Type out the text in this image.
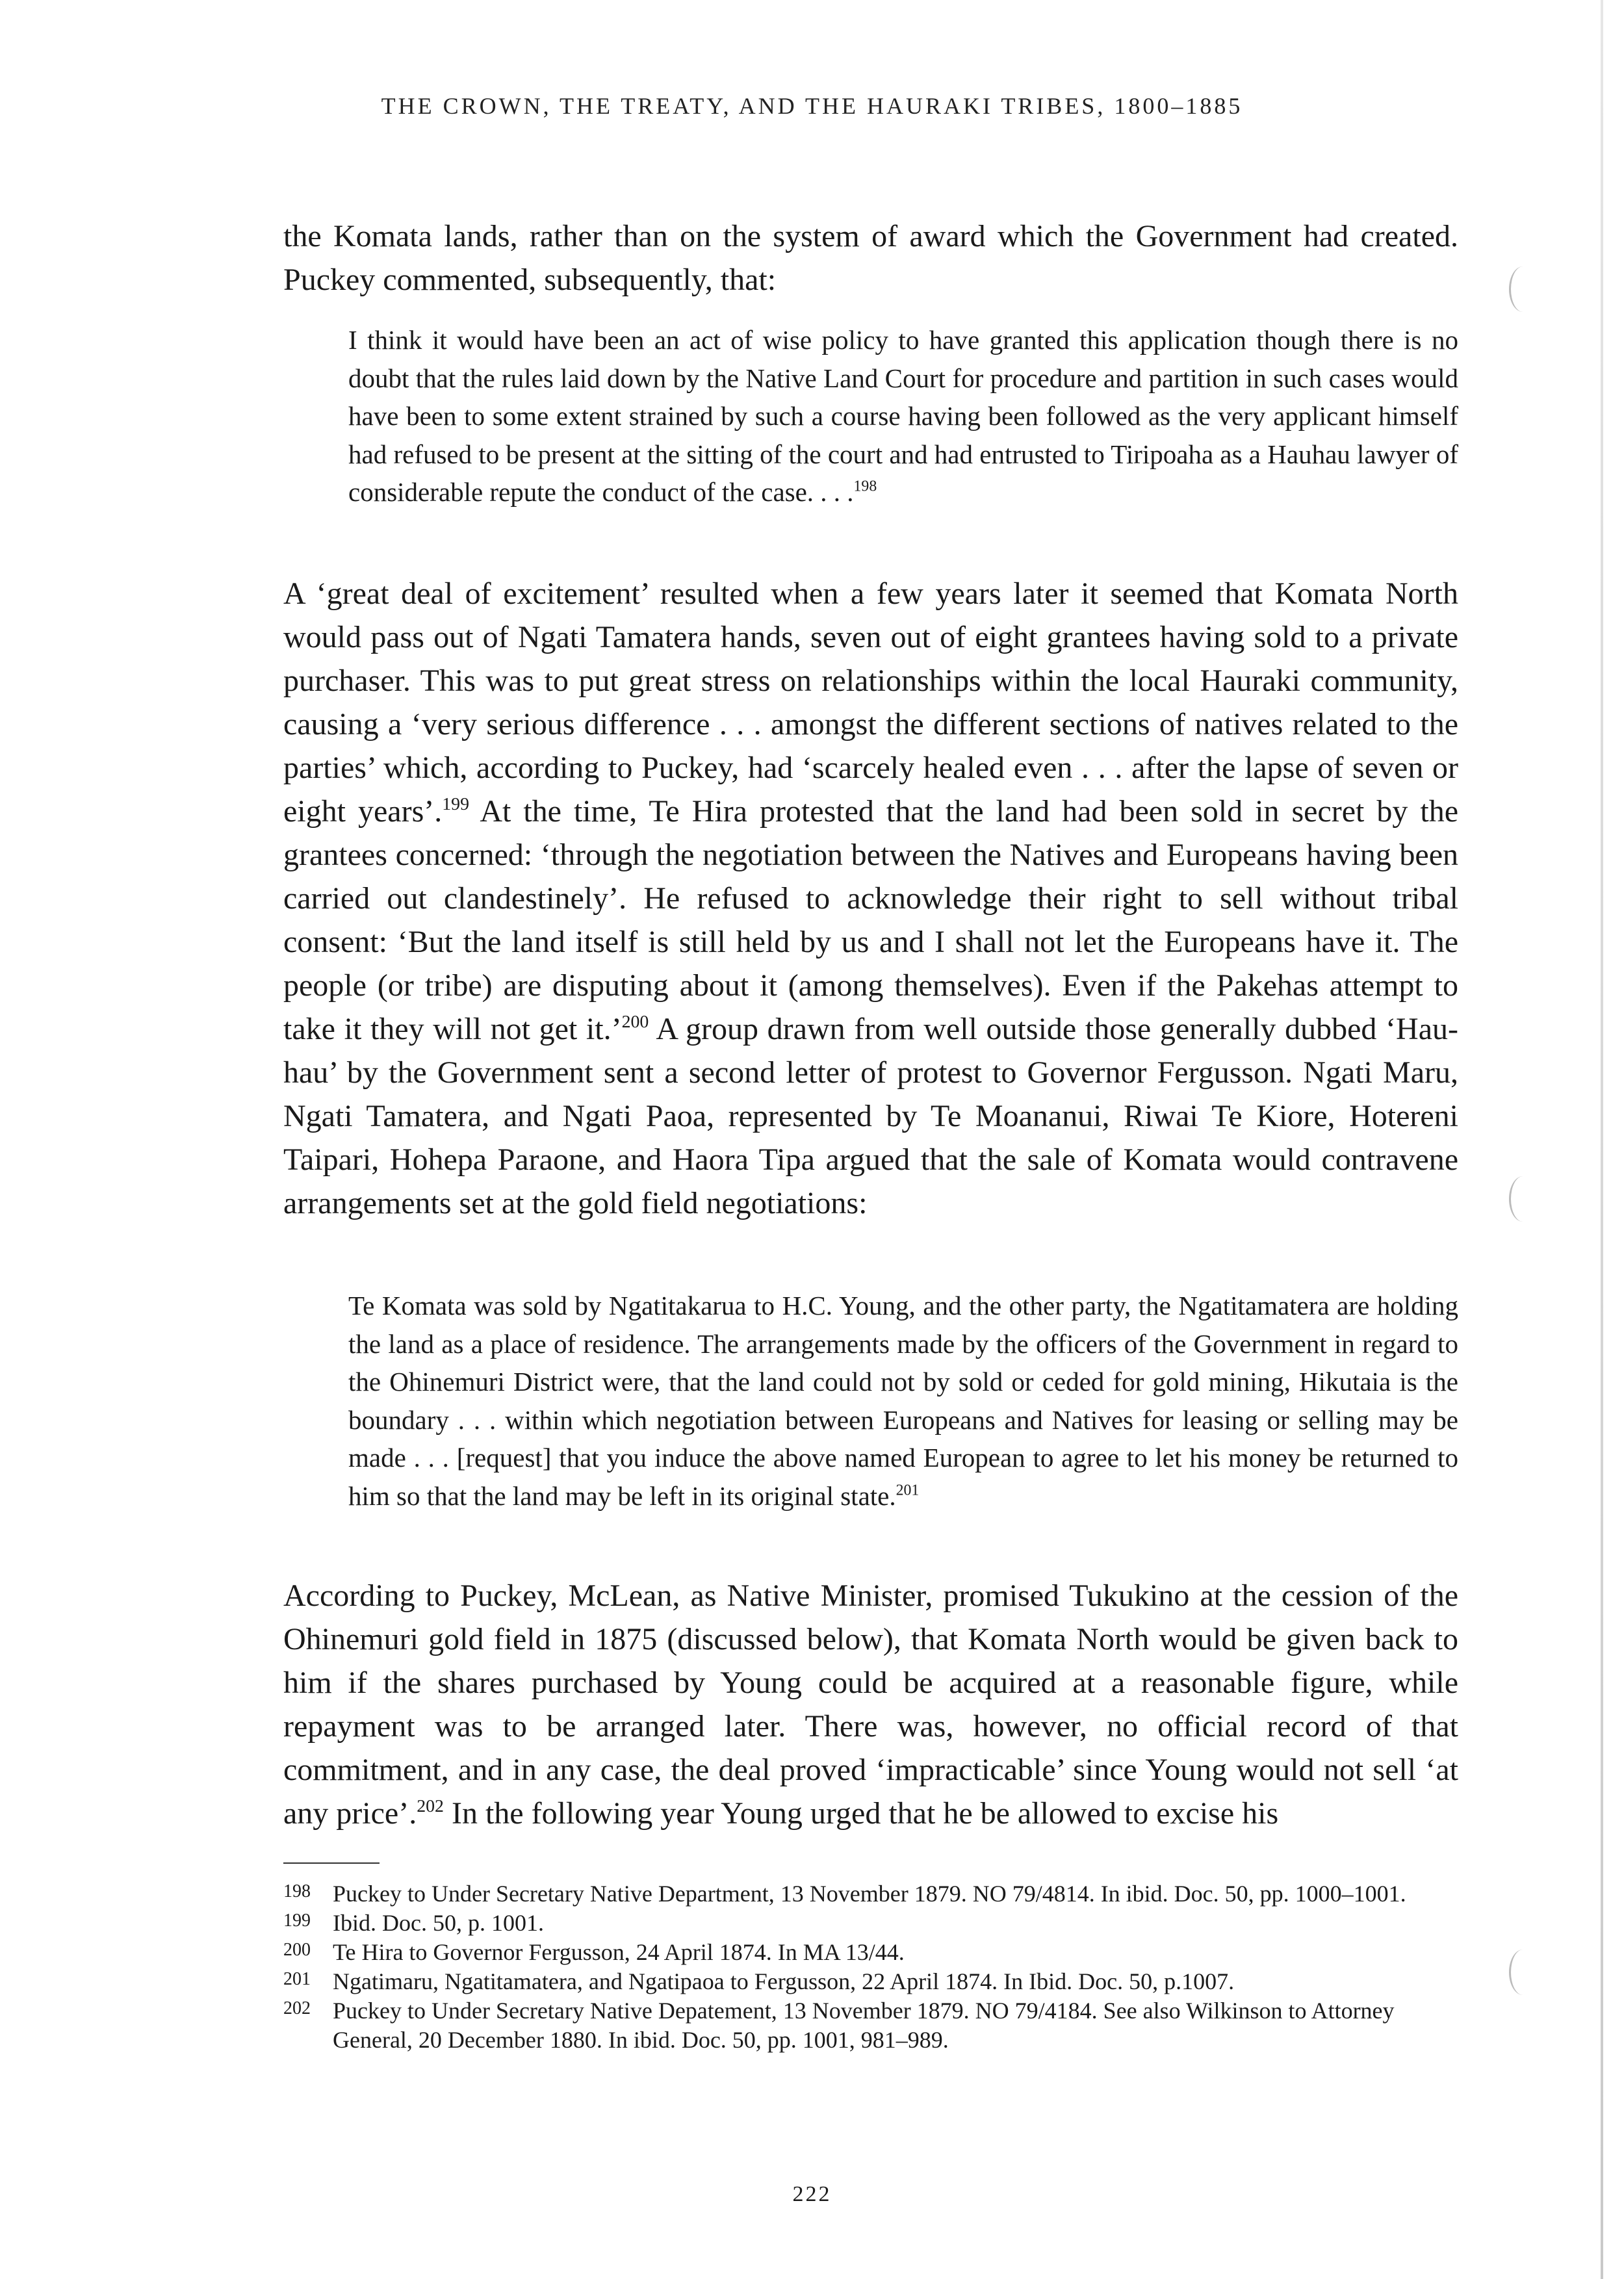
THE CROWN, THE TREATY, AND THE HAURAKI TRIBES, 1800–1885

the Komata lands, rather than on the system of award which the Government had created. Puckey commented, subsequently, that:

I think it would have been an act of wise policy to have granted this application though there is no doubt that the rules laid down by the Native Land Court for procedure and partition in such cases would have been to some extent strained by such a course having been followed as the very applicant himself had refused to be present at the sitting of the court and had entrusted to Tiripoaha as a Hauhau lawyer of considerable repute the conduct of the case. . . .$^{198}$

A ‘great deal of excitement’ resulted when a few years later it seemed that Komata North would pass out of Ngati Tamatera hands, seven out of eight grantees having sold to a private purchaser. This was to put great stress on relationships within the local Hauraki community, causing a ‘very serious difference . . . amongst the different sections of natives related to the parties’ which, according to Puckey, had ‘scarcely healed even . . . after the lapse of seven or eight years’.$^{199}$ At the time, Te Hira protested that the land had been sold in secret by the grantees concerned: ‘through the negotiation between the Natives and Europeans having been carried out clandestinely’. He refused to acknowledge their right to sell without tribal consent: ‘But the land itself is still held by us and I shall not let the Europeans have it. The people (or tribe) are disputing about it (among themselves). Even if the Pakehas attempt to take it they will not get it.’$^{200}$ A group drawn from well outside those generally dubbed ‘Hau-hau’ by the Government sent a second letter of protest to Governor Fergusson. Ngati Maru, Ngati Tamatera, and Ngati Paoa, represented by Te Moananui, Riwai Te Kiore, Hotereni Taipari, Hohepa Paraone, and Haora Tipa argued that the sale of Komata would contravene arrangements set at the gold field negotiations:

Te Komata was sold by Ngatitakarua to H.C. Young, and the other party, the Ngatitamatera are holding the land as a place of residence. The arrangements made by the officers of the Government in regard to the Ohinemuri District were, that the land could not by sold or ceded for gold mining, Hikutaia is the boundary . . . within which negotiation between Europeans and Natives for leasing or selling may be made . . . [request] that you induce the above named European to agree to let his money be returned to him so that the land may be left in its original state.$^{201}$

According to Puckey, McLean, as Native Minister, promised Tukukino at the cession of the Ohinemuri gold field in 1875 (discussed below), that Komata North would be given back to him if the shares purchased by Young could be acquired at a reasonable figure, while repayment was to be arranged later. There was, however, no official record of that commitment, and in any case, the deal proved ‘impracticable’ since Young would not sell ‘at any price’.$^{202}$ In the following year Young urged that he be allowed to excise his

198 Puckey to Under Secretary Native Department, 13 November 1879. NO 79/4814. In ibid. Doc. 50, pp. 1000–1001.
199 Ibid. Doc. 50, p. 1001.
200 Te Hira to Governor Fergusson, 24 April 1874. In MA 13/44.
201 Ngatimaru, Ngatitamatera, and Ngatipaoa to Fergusson, 22 April 1874. In Ibid. Doc. 50, p.1007.
202 Puckey to Under Secretary Native Depatement, 13 November 1879. NO 79/4184. See also Wilkinson to Attorney General, 20 December 1880. In ibid. Doc. 50, pp. 1001, 981–989.
222
